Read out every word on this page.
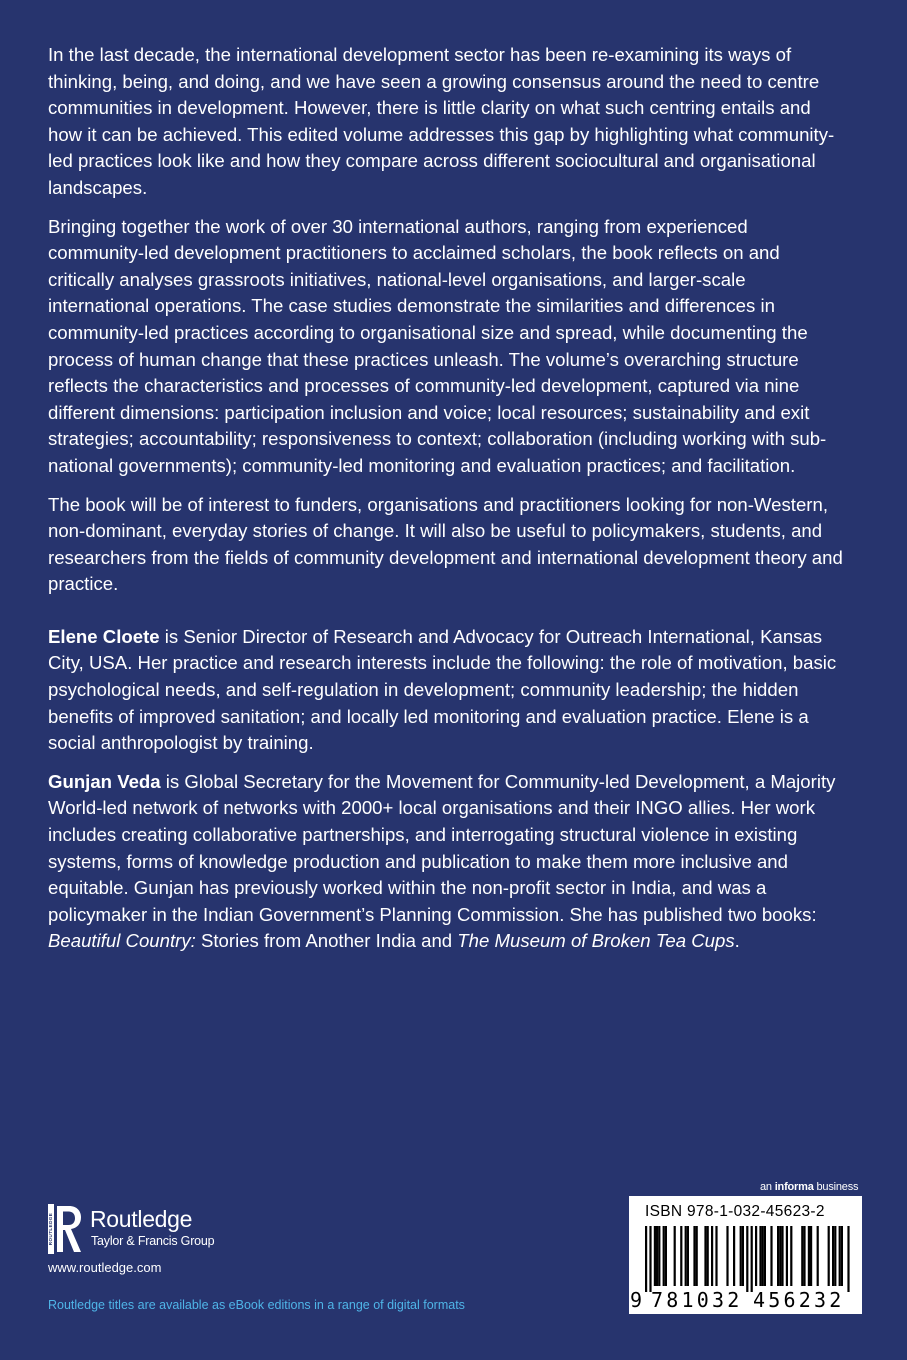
In the last decade, the international development sector has been re-examining its ways of thinking, being, and doing, and we have seen a growing consensus around the need to centre communities in development. However, there is little clarity on what such centring entails and how it can be achieved. This edited volume addresses this gap by highlighting what community-led practices look like and how they compare across different sociocultural and organisational landscapes.

Bringing together the work of over 30 international authors, ranging from experienced community-led development practitioners to acclaimed scholars, the book reflects on and critically analyses grassroots initiatives, national-level organisations, and larger-scale international operations. The case studies demonstrate the similarities and differences in community-led practices according to organisational size and spread, while documenting the process of human change that these practices unleash. The volume’s overarching structure reflects the characteristics and processes of community-led development, captured via nine different dimensions: participation inclusion and voice; local resources; sustainability and exit strategies; accountability; responsiveness to context; collaboration (including working with sub-national governments); community-led monitoring and evaluation practices; and facilitation.

The book will be of interest to funders, organisations and practitioners looking for non-Western, non-dominant, everyday stories of change. It will also be useful to policymakers, students, and researchers from the fields of community development and international development theory and practice.

Elene Cloete is Senior Director of Research and Advocacy for Outreach International, Kansas City, USA. Her practice and research interests include the following: the role of motivation, basic psychological needs, and self-regulation in development; community leadership; the hidden benefits of improved sanitation; and locally led monitoring and evaluation practice. Elene is a social anthropologist by training.

Gunjan Veda is Global Secretary for the Movement for Community-led Development, a Majority World-led network of networks with 2000+ local organisations and their INGO allies. Her work includes creating collaborative partnerships, and interrogating structural violence in existing systems, forms of knowledge production and publication to make them more inclusive and equitable. Gunjan has previously worked within the non-profit sector in India, and was a policymaker in the Indian Government’s Planning Commission. She has published two books: Beautiful Country: Stories from Another India and The Museum of Broken Tea Cups.

ROUTLEDGE Routledge
Taylor & Francis Group
www.routledge.com
Routledge titles are available as eBook editions in a range of digital formats
an informa business
ISBN 978-1-032-45623-2
9 781032 456232
